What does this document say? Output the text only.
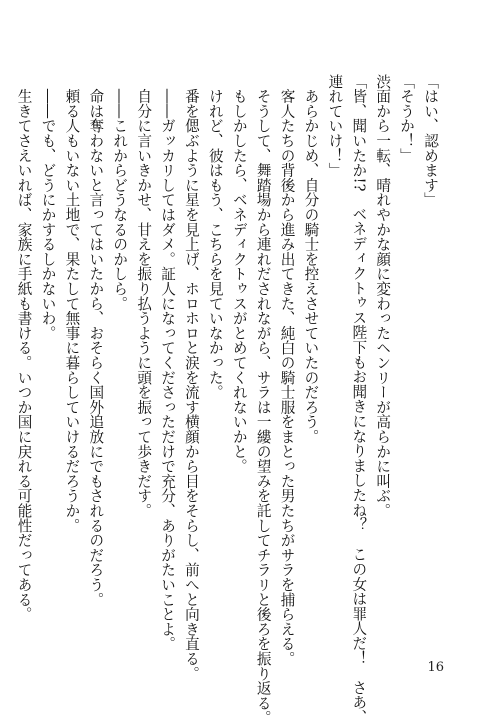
「はい、認めます」

「そうか！」

渋面から一転、晴れやかな顔に変わったヘンリーが高らかに叫ぶ。

「皆、聞いたか!?　ベネディクトゥス陛下もお聞きになりましたね？　この女は罪人だ！　さあ、

連れていけ！」

　あらかじめ、自分の騎士を控えさせていたのだろう。

　客人たちの背後から進み出てきた、純白の騎士服をまとった男たちがサラを捕らえる。

　そうして、舞踏場から連れだされながら、サラは一縷の望みを託してチラリと後ろを振り返る。

　もしかしたら、ベネディクトゥスがとめてくれないかと。

　けれど、彼はもう、こちらを見ていなかった。

　番を偲ぶように星を見上げ、ホロホロと涙を流す横顔から目をそらし、前へと向き直る。

　――ガッカリしてはダメ。証人になってくださっただけで充分、ありがたいことよ。

　自分に言いきかせ、甘えを振り払うように頭を振って歩きだす。

　――これからどうなるのかしら。

　命は奪わないと言ってはいたから、おそらく国外追放にでもされるのだろう。

　頼る人もいない土地で、果たして無事に暮らしていけるだろうか。

　――でも、どうにかするしかないわ。

　生きてさえいれば、家族に手紙も書ける。いつか国に戻れる可能性だってある。

16
